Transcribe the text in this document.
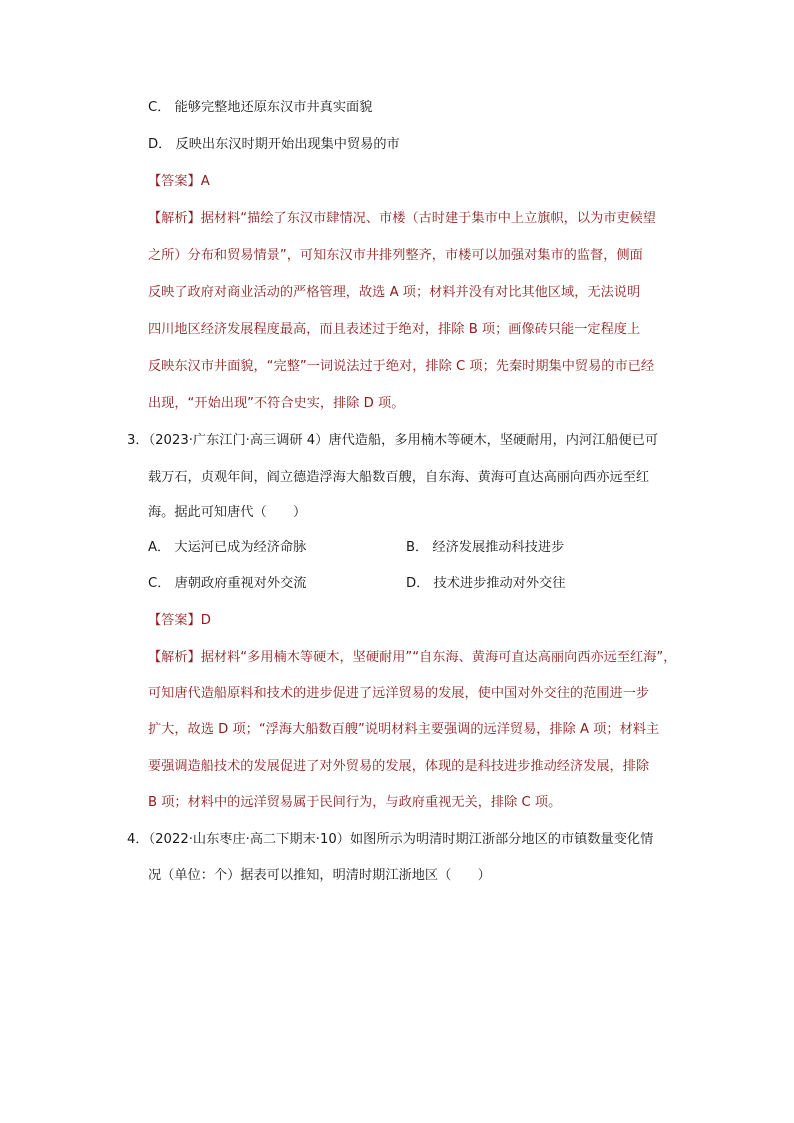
C． 能够完整地还原东汉市井真实面貌
D． 反映出东汉时期开始出现集中贸易的市
【答案】A
【解析】据材料“描绘了东汉市肆情况、市楼（古时建于集市中上立旗帜，以为市吏候望
之所）分布和贸易情景”，可知东汉市井排列整齐，市楼可以加强对集市的监督，侧面
反映了政府对商业活动的严格管理，故选 A 项；材料并没有对比其他区域，无法说明
四川地区经济发展程度最高，而且表述过于绝对，排除 B 项；画像砖只能一定程度上
反映东汉市井面貌，“完整”一词说法过于绝对，排除 C 项；先秦时期集中贸易的市已经
出现，“开始出现”不符合史实，排除 D 项。
3．（2023·广东江门·高三调研 4）唐代造船，多用楠木等硬木，坚硬耐用，内河江船便已可
载万石，贞观年间，阎立德造浮海大船数百艘，自东海、黄海可直达高丽向西亦远至红
海。据此可知唐代（　　）
A． 大运河已成为经济命脉	B． 经济发展推动科技进步
C． 唐朝政府重视对外交流	D． 技术进步推动对外交往
【答案】D
【解析】据材料“多用楠木等硬木，坚硬耐用”“自东海、黄海可直达高丽向西亦远至红海”，
可知唐代造船原料和技术的进步促进了远洋贸易的发展，使中国对外交往的范围进一步
扩大，故选 D 项；“浮海大船数百艘”说明材料主要强调的远洋贸易，排除 A 项；材料主
要强调造船技术的发展促进了对外贸易的发展，体现的是科技进步推动经济发展，排除
B 项；材料中的远洋贸易属于民间行为，与政府重视无关，排除 C 项。
4．（2022·山东枣庄·高二下期末·10）如图所示为明清时期江浙部分地区的市镇数量变化情
况（单位：个）据表可以推知，明清时期江浙地区（　　）
